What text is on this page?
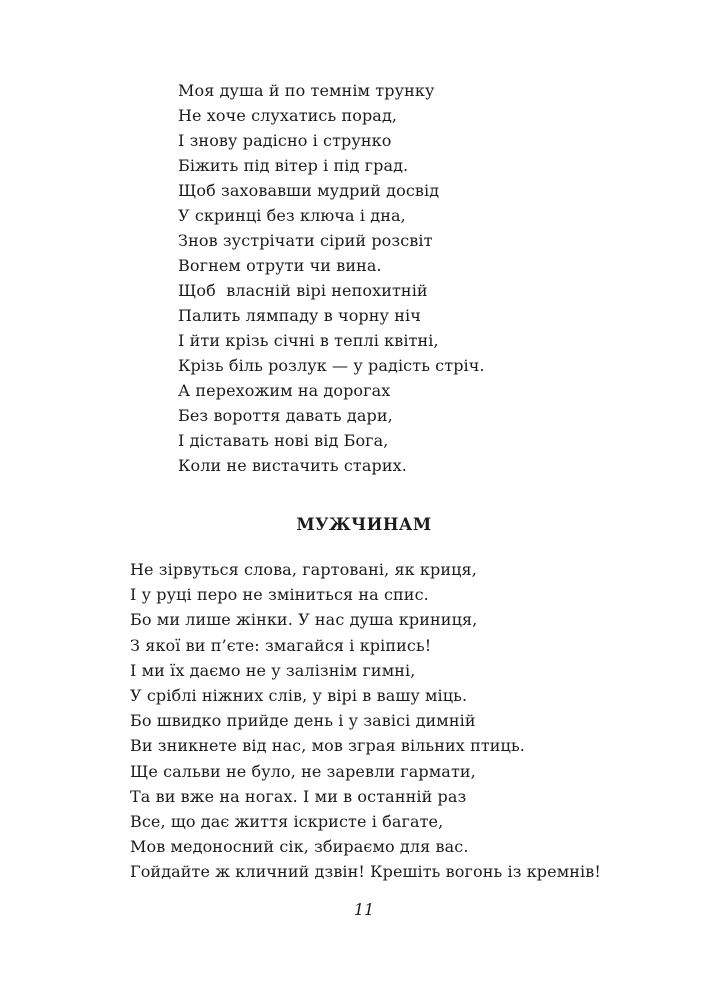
Моя душа й по темнім трунку
Не хоче слухатись порад,
І знову радісно і струнко
Біжить під вітер і під град.
Щоб заховавши мудрий досвід
У скринці без ключа і дна,
Знов зустрічати сірий розсвіт
Вогнем отрути чи вина.
Щоб  власній вірі непохитній
Палить лямпаду в чорну ніч
І йти крізь січні в теплі квітні,
Крізь біль розлук — у радість стріч.
А перехожим на дорогах
Без вороття давать дари,
І діставать нові від Бога,
Коли не вистачить старих.
МУЖЧИНАМ
Не зірвуться слова, гартовані, як криця,
І у руці перо не зміниться на спис.
Бо ми лише жінки. У нас душа криниця,
З якої ви п’єте: змагайся і кріпись!
І ми їх даємо не у залізнім гимні,
У сріблі ніжних слів, у вірі в вашу міць.
Бо швидко прийде день і у завісі димній
Ви зникнете від нас, мов зграя вільних птиць.
Ще сальви не було, не заревли гармати,
Та ви вже на ногах. І ми в останній раз
Все, що дає життя іскристе і багате,
Мов медоносний сік, збираємо для вас.
Гойдайте ж кличний дзвін! Крешіть вогонь із кремнів!
11
